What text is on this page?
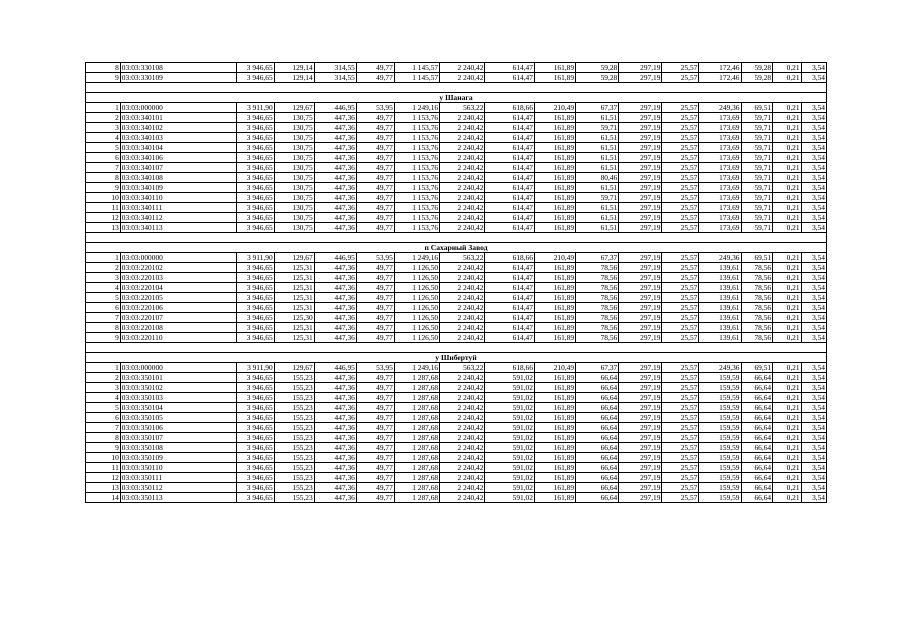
8	03:03:330108	3 946,65	129,14	314,55	49,77	1 145,57	2 240,42	614,47	161,89	59,28	297,19	25,57	172,46	59,28	0,21	3,54
9	03:03:330109	3 946,65	129,14	314,55	49,77	1 145,57	2 240,42	614,47	161,89	59,28	297,19	25,57	172,46	59,28	0,21	3,54

у Шанага																
1	03:03:000000	3 911,90	129,67	446,95	53,95	1 249,16	563,22	618,66	210,49	67,37	297,19	25,57	249,36	69,51	0,21	3,54
2	03:03:340101	3 946,65	130,75	447,36	49,77	1 153,76	2 240,42	614,47	161,89	61,51	297,19	25,57	173,69	59,71	0,21	3,54
3	03:03:340102	3 946,65	130,75	447,36	49,77	1 153,76	2 240,42	614,47	161,89	59,71	297,19	25,57	173,69	59,71	0,21	3,54
4	03:03:340103	3 946,65	130,75	447,36	49,77	1 153,76	2 240,42	614,47	161,89	61,51	297,19	25,57	173,69	59,71	0,21	3,54
5	03:03:340104	3 946,65	130,75	447,36	49,77	1 153,76	2 240,42	614,47	161,89	61,51	297,19	25,57	173,69	59,71	0,21	3,54
6	03:03:340106	3 946,65	130,75	447,36	49,77	1 153,76	2 240,42	614,47	161,89	61,51	297,19	25,57	173,69	59,71	0,21	3,54
7	03:03:340107	3 946,65	130,75	447,36	49,77	1 153,76	2 240,42	614,47	161,89	61,51	297,19	25,57	173,69	59,71	0,21	3,54
8	03:03:340108	3 946,65	130,75	447,36	49,77	1 153,76	2 240,42	614,47	161,89	80,46	297,19	25,57	173,69	59,71	0,21	3,54
9	03:03:340109	3 946,65	130,75	447,36	49,77	1 153,76	2 240,42	614,47	161,89	61,51	297,19	25,57	173,69	59,71	0,21	3,54
10	03:03:340110	3 946,65	130,75	447,36	49,77	1 153,76	2 240,42	614,47	161,89	59,71	297,19	25,57	173,69	59,71	0,21	3,54
11	03:03:340111	3 946,65	130,75	447,36	49,77	1 153,76	2 240,42	614,47	161,89	61,51	297,19	25,57	173,69	59,71	0,21	3,54
12	03:03:340112	3 946,65	130,75	447,36	49,77	1 153,76	2 240,42	614,47	161,89	61,51	297,19	25,57	173,69	59,71	0,21	3,54
13	03:03:340113	3 946,65	130,75	447,36	49,77	1 153,76	2 240,42	614,47	161,89	61,51	297,19	25,57	173,69	59,71	0,21	3,54

п Сахарный Завод																
1	03:03:000000	3 911,90	129,67	446,95	53,95	1 249,16	563,22	618,66	210,49	67,37	297,19	25,57	249,36	69,51	0,21	3,54
2	03:03:220102	3 946,65	125,31	447,36	49,77	1 126,50	2 240,42	614,47	161,89	78,56	297,19	25,57	139,61	78,56	0,21	3,54
3	03:03:220103	3 946,65	125,31	447,36	49,77	1 126,50	2 240,42	614,47	161,89	78,56	297,19	25,57	139,61	78,56	0,21	3,54
4	03:03:220104	3 946,65	125,31	447,36	49,77	1 126,50	2 240,42	614,47	161,89	78,56	297,19	25,57	139,61	78,56	0,21	3,54
5	03:03:220105	3 946,65	125,31	447,36	49,77	1 126,50	2 240,42	614,47	161,89	78,56	297,19	25,57	139,61	78,56	0,21	3,54
6	03:03:220106	3 946,65	125,31	447,36	49,77	1 126,50	2 240,42	614,47	161,89	78,56	297,19	25,57	139,61	78,56	0,21	3,54
7	03:03:220107	3 946,65	125,30	447,36	49,77	1 126,50	2 240,42	614,47	161,89	78,56	297,19	25,57	139,61	78,56	0,21	3,54
8	03:03:220108	3 946,65	125,31	447,36	49,77	1 126,50	2 240,42	614,47	161,89	78,56	297,19	25,57	139,61	78,56	0,21	3,54
9	03:03:220110	3 946,65	125,31	447,36	49,77	1 126,50	2 240,42	614,47	161,89	78,56	297,19	25,57	139,61	78,56	0,21	3,54

у Шибертуй																
1	03:03:000000	3 911,90	129,67	446,95	53,95	1 249,16	563,22	618,66	210,49	67,37	297,19	25,57	249,36	69,51	0,21	3,54
2	03:03:350101	3 946,65	155,23	447,36	49,77	1 287,68	2 240,42	591,02	161,89	66,64	297,19	25,57	159,59	66,64	0,21	3,54
3	03:03:350102	3 946,65	155,23	447,36	49,77	1 287,68	2 240,42	591,02	161,89	66,64	297,19	25,57	159,59	66,64	0,21	3,54
4	03:03:350103	3 946,65	155,23	447,36	49,77	1 287,68	2 240,42	591,02	161,89	66,64	297,19	25,57	159,59	66,64	0,21	3,54
5	03:03:350104	3 946,65	155,23	447,36	49,77	1 287,68	2 240,42	591,02	161,89	66,64	297,19	25,57	159,59	66,64	0,21	3,54
6	03:03:350105	3 946,65	155,23	447,36	49,77	1 287,68	2 240,42	591,02	161,89	66,64	297,19	25,57	159,59	66,64	0,21	3,54
7	03:03:350106	3 946,65	155,23	447,36	49,77	1 287,68	2 240,42	591,02	161,89	66,64	297,19	25,57	159,59	66,64	0,21	3,54
8	03:03:350107	3 946,65	155,23	447,36	49,77	1 287,68	2 240,42	591,02	161,89	66,64	297,19	25,57	159,59	66,64	0,21	3,54
9	03:03:350108	3 946,65	155,23	447,36	49,77	1 287,68	2 240,42	591,02	161,89	66,64	297,19	25,57	159,59	66,64	0,21	3,54
10	03:03:350109	3 946,65	155,23	447,36	49,77	1 287,68	2 240,42	591,02	161,89	66,64	297,19	25,57	159,59	66,64	0,21	3,54
11	03:03:350110	3 946,65	155,23	447,36	49,77	1 287,68	2 240,42	591,02	161,89	66,64	297,19	25,57	159,59	66,64	0,21	3,54
12	03:03:350111	3 946,65	155,23	447,36	49,77	1 287,68	2 240,42	591,02	161,89	66,64	297,19	25,57	159,59	66,64	0,21	3,54
13	03:03:350112	3 946,65	155,23	447,36	49,77	1 287,68	2 240,42	591,02	161,89	66,64	297,19	25,57	159,59	66,64	0,21	3,54
14	03:03:350113	3 946,65	155,23	447,36	49,77	1 287,68	2 240,42	591,02	161,89	66,64	297,19	25,57	159,59	66,64	0,21	3,54
